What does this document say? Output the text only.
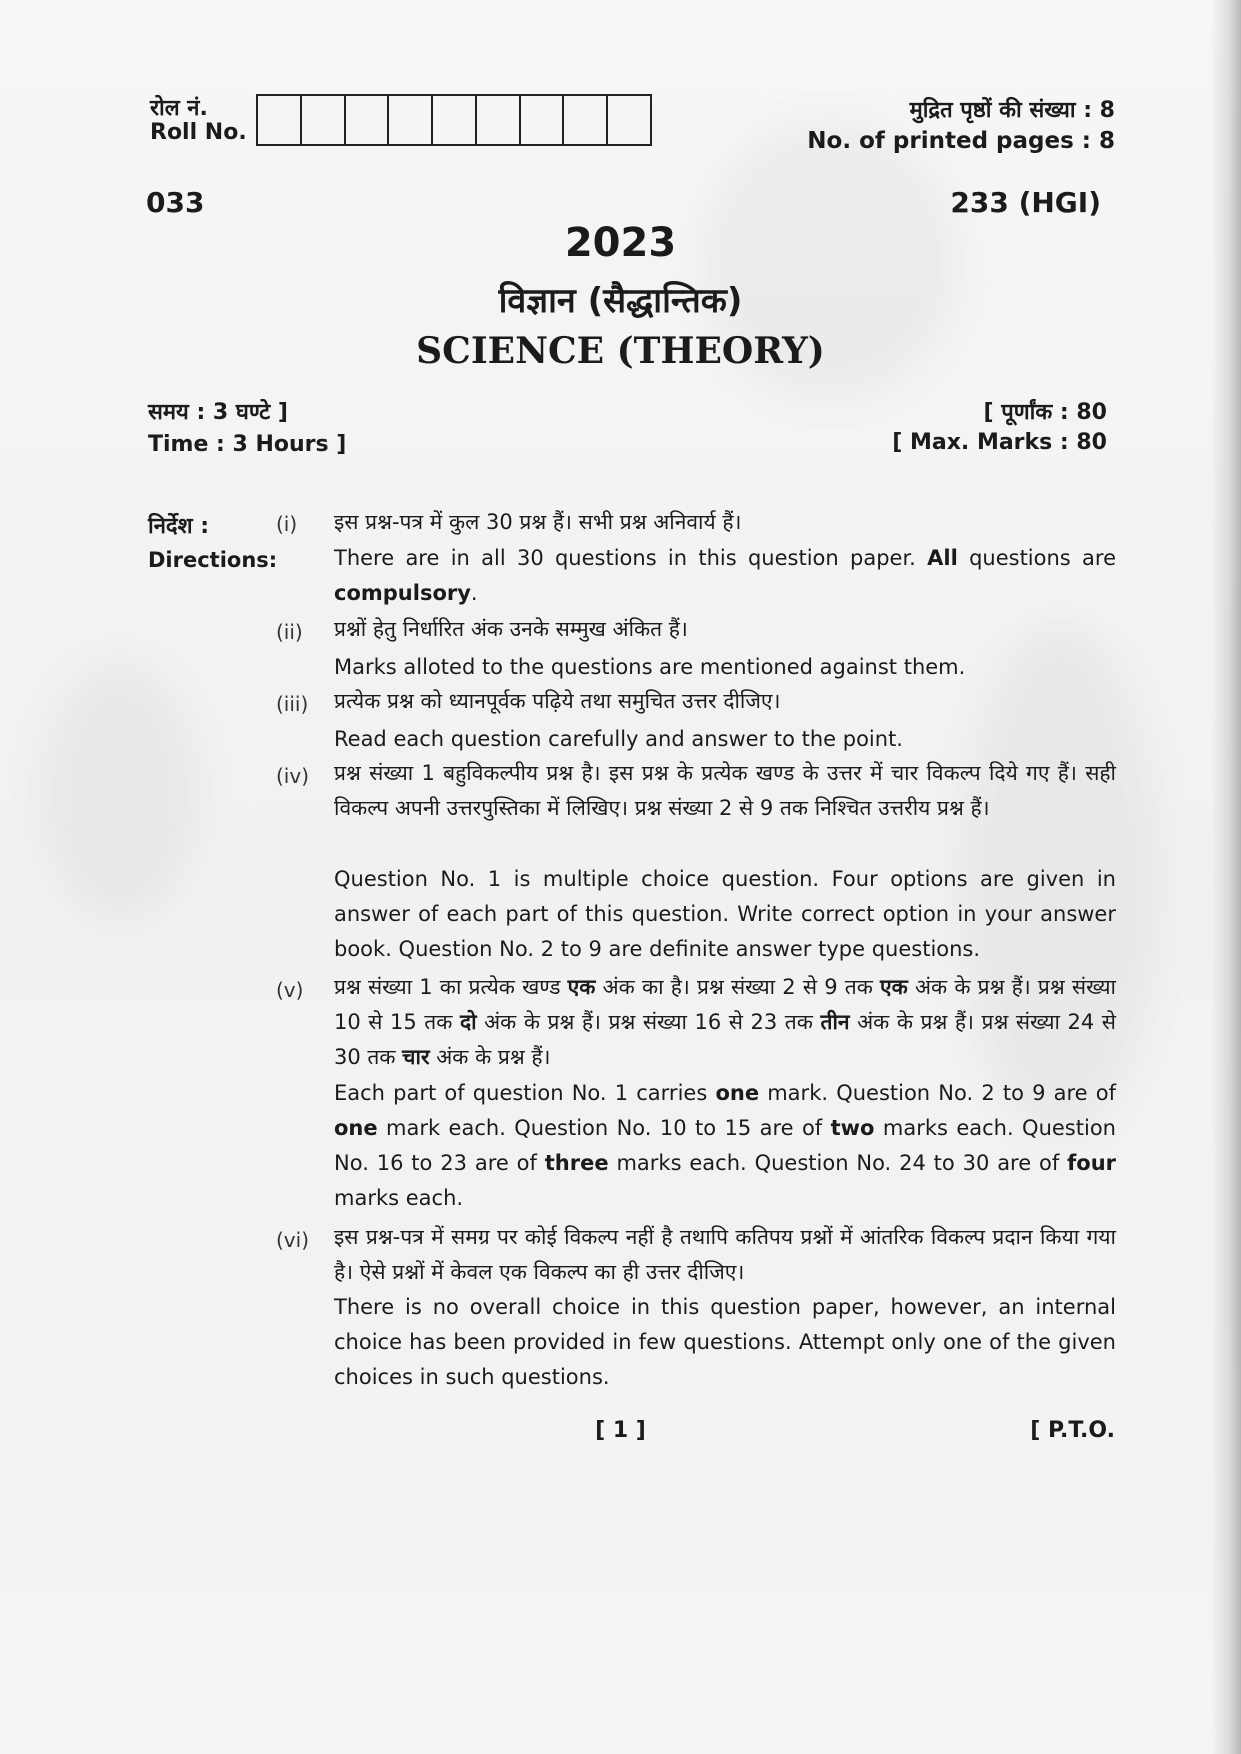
रोल नं.
Roll No.
मुद्रित पृष्ठों की संख्या : 8
No. of printed pages : 8
033	233 (HGI)
2023
विज्ञान (सैद्धान्तिक)
SCIENCE (THEORY)
समय : 3 घण्टे ]
Time : 3 Hours ]
[ पूर्णांक : 80
[ Max. Marks : 80
निर्देश :
Directions:
(i) इस प्रश्न-पत्र में कुल 30 प्रश्न हैं। सभी प्रश्न अनिवार्य हैं।
There are in all 30 questions in this question paper. All questions are compulsory.
(ii) प्रश्नों हेतु निर्धारित अंक उनके सम्मुख अंकित हैं।
Marks alloted to the questions are mentioned against them.
(iii) प्रत्येक प्रश्न को ध्यानपूर्वक पढ़िये तथा समुचित उत्तर दीजिए।
Read each question carefully and answer to the point.
(iv) प्रश्न संख्या 1 बहुविकल्पीय प्रश्न है। इस प्रश्न के प्रत्येक खण्ड के उत्तर में चार विकल्प दिये गए हैं। सही विकल्प अपनी उत्तरपुस्तिका में लिखिए। प्रश्न संख्या 2 से 9 तक निश्चित उत्तरीय प्रश्न हैं।
Question No. 1 is multiple choice question. Four options are given in answer of each part of this question. Write correct option in your answer book. Question No. 2 to 9 are definite answer type questions.
(v) प्रश्न संख्या 1 का प्रत्येक खण्ड एक अंक का है। प्रश्न संख्या 2 से 9 तक एक अंक के प्रश्न हैं। प्रश्न संख्या 10 से 15 तक दो अंक के प्रश्न हैं। प्रश्न संख्या 16 से 23 तक तीन अंक के प्रश्न हैं। प्रश्न संख्या 24 से 30 तक चार अंक के प्रश्न हैं।
Each part of question No. 1 carries one mark. Question No. 2 to 9 are of one mark each. Question No. 10 to 15 are of two marks each. Question No. 16 to 23 are of three marks each. Question No. 24 to 30 are of four marks each.
(vi) इस प्रश्न-पत्र में समग्र पर कोई विकल्प नहीं है तथापि कतिपय प्रश्नों में आंतरिक विकल्प प्रदान किया गया है। ऐसे प्रश्नों में केवल एक विकल्प का ही उत्तर दीजिए।
There is no overall choice in this question paper, however, an internal choice has been provided in few questions. Attempt only one of the given choices in such questions.
[ 1 ]	[ P.T.O.
